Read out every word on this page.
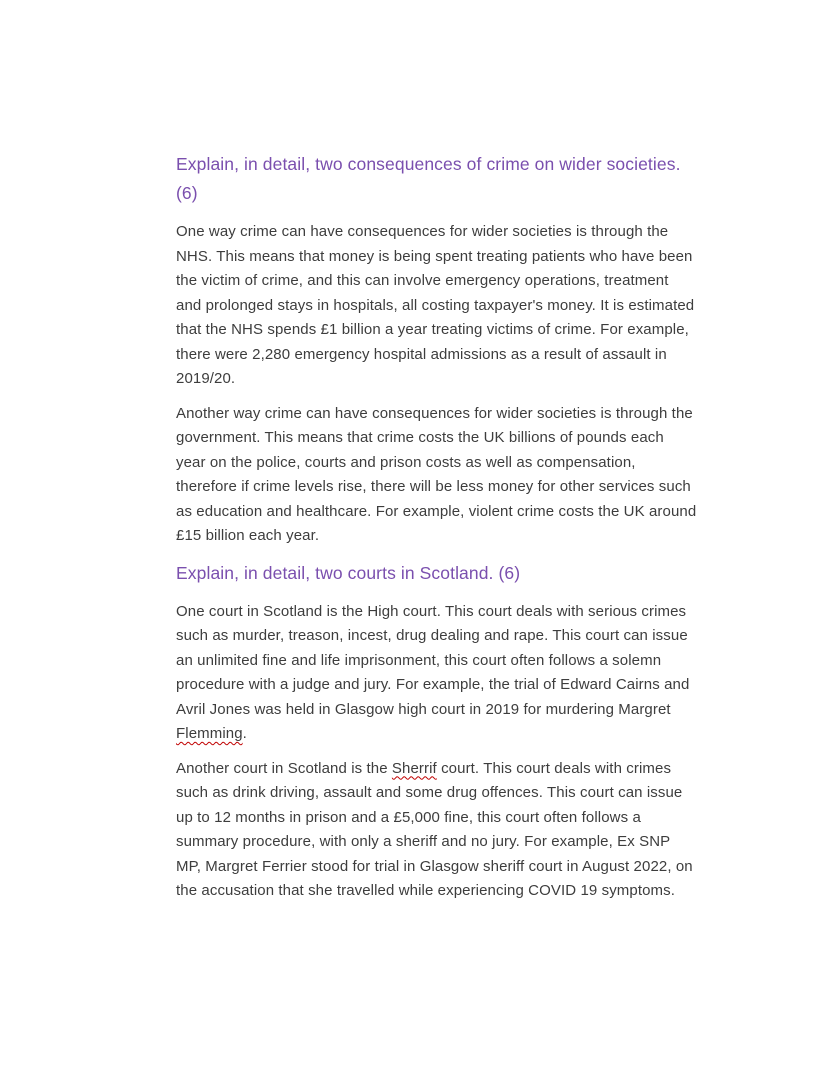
Explain, in detail, two consequences of crime on wider societies. (6)

One way crime can have consequences for wider societies is through the NHS. This means that money is being spent treating patients who have been the victim of crime, and this can involve emergency operations, treatment and prolonged stays in hospitals, all costing taxpayer's money. It is estimated that the NHS spends £1 billion a year treating victims of crime. For example, there were 2,280 emergency hospital admissions as a result of assault in 2019/20.

Another way crime can have consequences for wider societies is through the government. This means that crime costs the UK billions of pounds each year on the police, courts and prison costs as well as compensation, therefore if crime levels rise, there will be less money for other services such as education and healthcare. For example, violent crime costs the UK around £15 billion each year.

Explain, in detail, two courts in Scotland. (6)

One court in Scotland is the High court. This court deals with serious crimes such as murder, treason, incest, drug dealing and rape. This court can issue an unlimited fine and life imprisonment, this court often follows a solemn procedure with a judge and jury. For example, the trial of Edward Cairns and Avril Jones was held in Glasgow high court in 2019 for murdering Margret Flemming.

Another court in Scotland is the Sherrif court. This court deals with crimes such as drink driving, assault and some drug offences. This court can issue up to 12 months in prison and a £5,000 fine, this court often follows a summary procedure, with only a sheriff and no jury. For example, Ex SNP MP, Margret Ferrier stood for trial in Glasgow sheriff court in August 2022, on the accusation that she travelled while experiencing COVID 19 symptoms.
